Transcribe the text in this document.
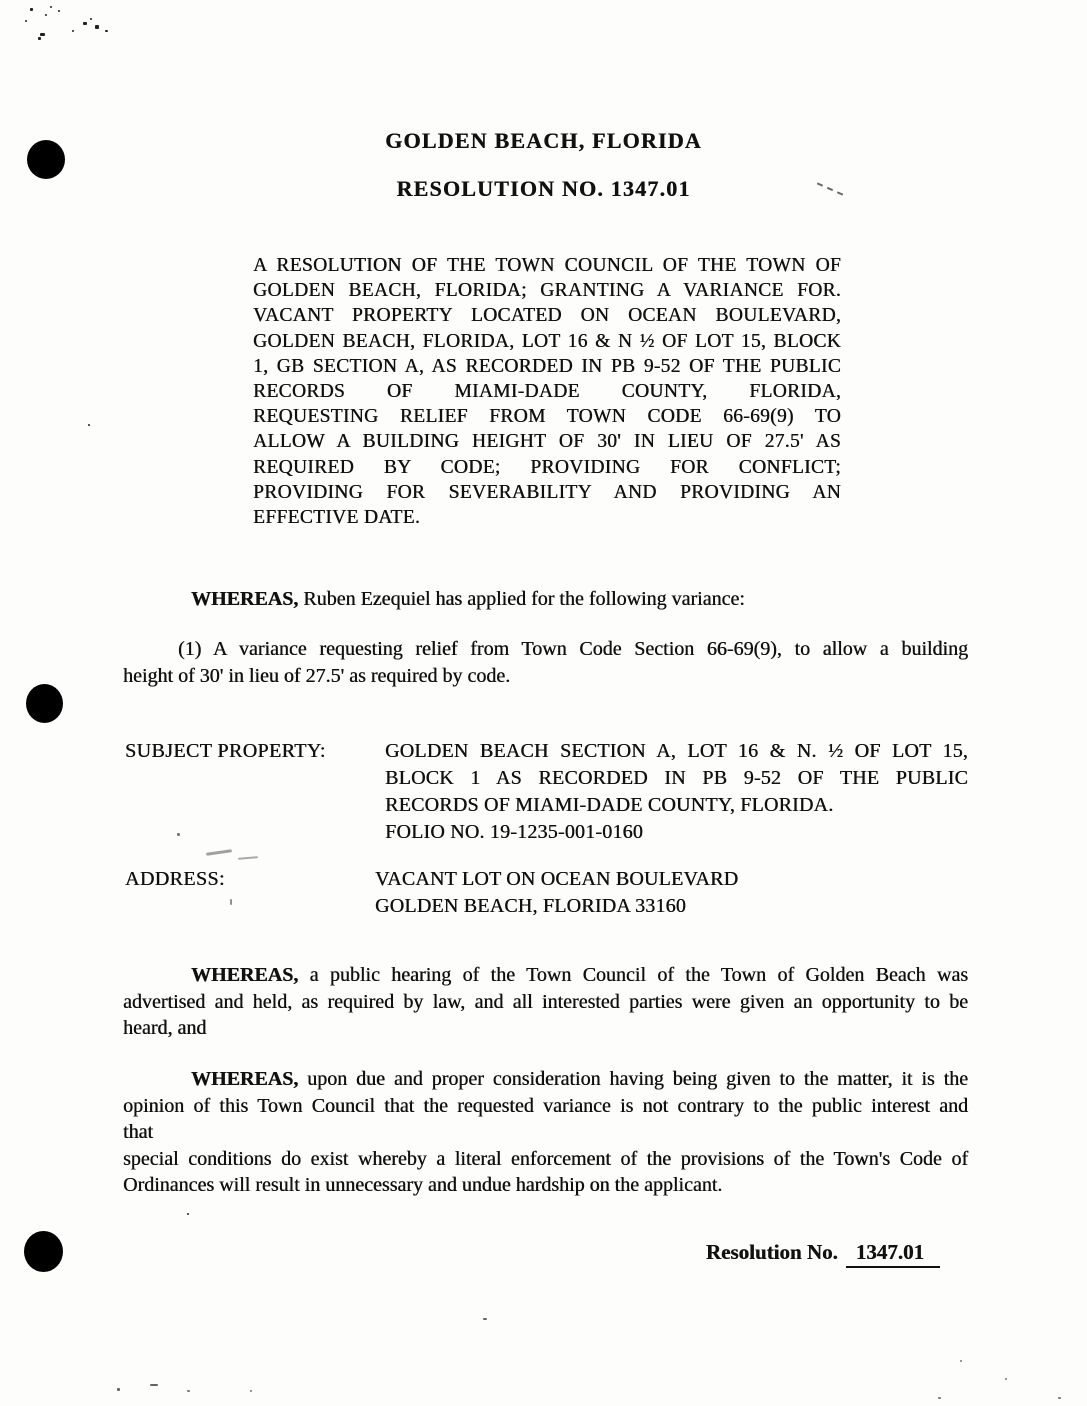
GOLDEN BEACH, FLORIDA
RESOLUTION NO. 1347.01
A RESOLUTION OF THE TOWN COUNCIL OF THE TOWN OF
GOLDEN BEACH, FLORIDA; GRANTING A VARIANCE FOR.
VACANT PROPERTY LOCATED ON OCEAN BOULEVARD,
GOLDEN BEACH, FLORIDA, LOT 16 & N ½ OF LOT 15, BLOCK
1, GB SECTION A, AS RECORDED IN PB 9-52 OF THE PUBLIC
RECORDS OF MIAMI-DADE COUNTY, FLORIDA,
REQUESTING RELIEF FROM TOWN CODE 66-69(9) TO
ALLOW A BUILDING HEIGHT OF 30' IN LIEU OF 27.5' AS
REQUIRED BY CODE; PROVIDING FOR CONFLICT;
PROVIDING FOR SEVERABILITY AND PROVIDING AN
EFFECTIVE DATE.
WHEREAS, Ruben Ezequiel has applied for the following variance:
(1) A variance requesting relief from Town Code Section 66-69(9), to allow a building
height of 30' in lieu of 27.5' as required by code.
SUBJECT PROPERTY:	GOLDEN BEACH SECTION A, LOT 16 & N. ½ OF LOT 15,
BLOCK 1 AS RECORDED IN PB 9-52 OF THE PUBLIC
RECORDS OF MIAMI-DADE COUNTY, FLORIDA.
FOLIO NO. 19-1235-001-0160
ADDRESS:	VACANT LOT ON OCEAN BOULEVARD
GOLDEN BEACH, FLORIDA 33160
WHEREAS, a public hearing of the Town Council of the Town of Golden Beach was
advertised and held, as required by law, and all interested parties were given an opportunity to be
heard, and
WHEREAS, upon due and proper consideration having being given to the matter, it is the
opinion of this Town Council that the requested variance is not contrary to the public interest and
that
special conditions do exist whereby a literal enforcement of the provisions of the Town's Code of
Ordinances will result in unnecessary and undue hardship on the applicant.
Resolution No. 1347.01
